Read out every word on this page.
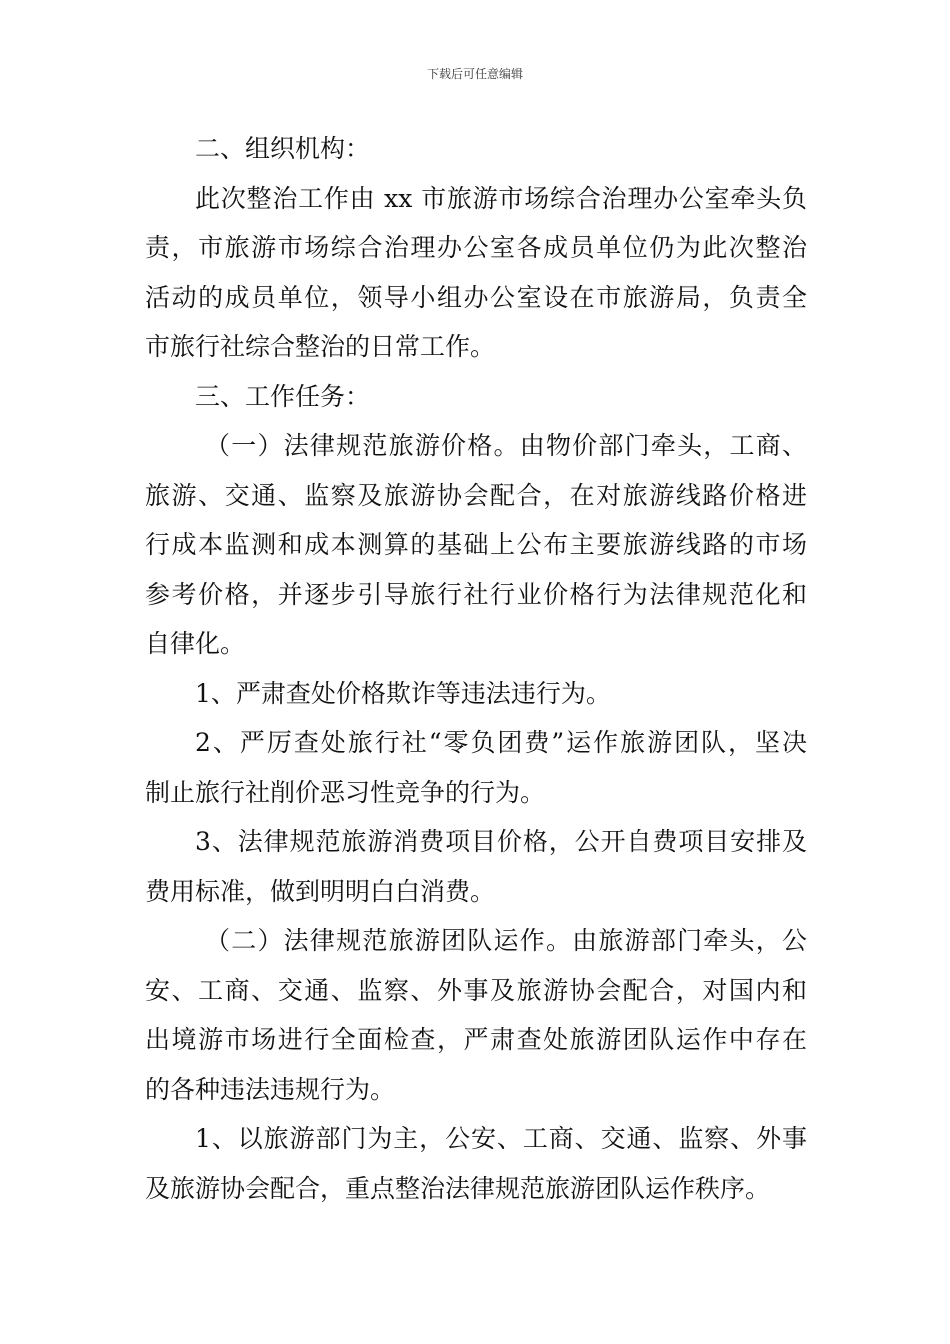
下载后可任意编辑
二、组织机构：
此次整治工作由 xx 市旅游市场综合治理办公室牵头负
责，市旅游市场综合治理办公室各成员单位仍为此次整治
活动的成员单位，领导小组办公室设在市旅游局，负责全
市旅行社综合整治的日常工作。
三、工作任务：
（一）法律规范旅游价格。由物价部门牵头，工商、
旅游、交通、监察及旅游协会配合，在对旅游线路价格进
行成本监测和成本测算的基础上公布主要旅游线路的市场
参考价格，并逐步引导旅行社行业价格行为法律规范化和
自律化。
1、严肃查处价格欺诈等违法违行为。
2、严厉查处旅行社“零负团费”运作旅游团队，坚决
制止旅行社削价恶习性竞争的行为。
3、法律规范旅游消费项目价格，公开自费项目安排及
费用标准，做到明明白白消费。
（二）法律规范旅游团队运作。由旅游部门牵头，公
安、工商、交通、监察、外事及旅游协会配合，对国内和
出境游市场进行全面检查，严肃查处旅游团队运作中存在
的各种违法违规行为。
1、以旅游部门为主，公安、工商、交通、监察、外事
及旅游协会配合，重点整治法律规范旅游团队运作秩序。
